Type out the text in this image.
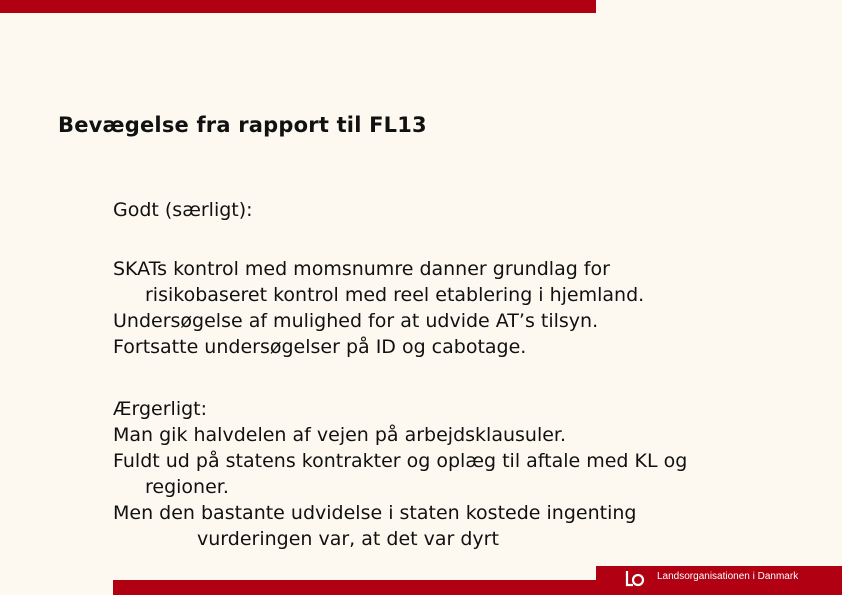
Bevægelse fra rapport til FL13
Godt (særligt):
SKATs kontrol med momsnumre danner grundlag for
risikobaseret kontrol med reel etablering i hjemland.
Undersøgelse af mulighed for at udvide AT’s tilsyn.
Fortsatte undersøgelser på ID og cabotage.
Ærgerligt:
Man gik halvdelen af vejen på arbejdsklausuler.
Fuldt ud på statens kontrakter og oplæg til aftale med KL og
regioner.
Men den bastante udvidelse i staten kostede ingenting
vurderingen var, at det var dyrt
Landsorganisationen i Danmark
